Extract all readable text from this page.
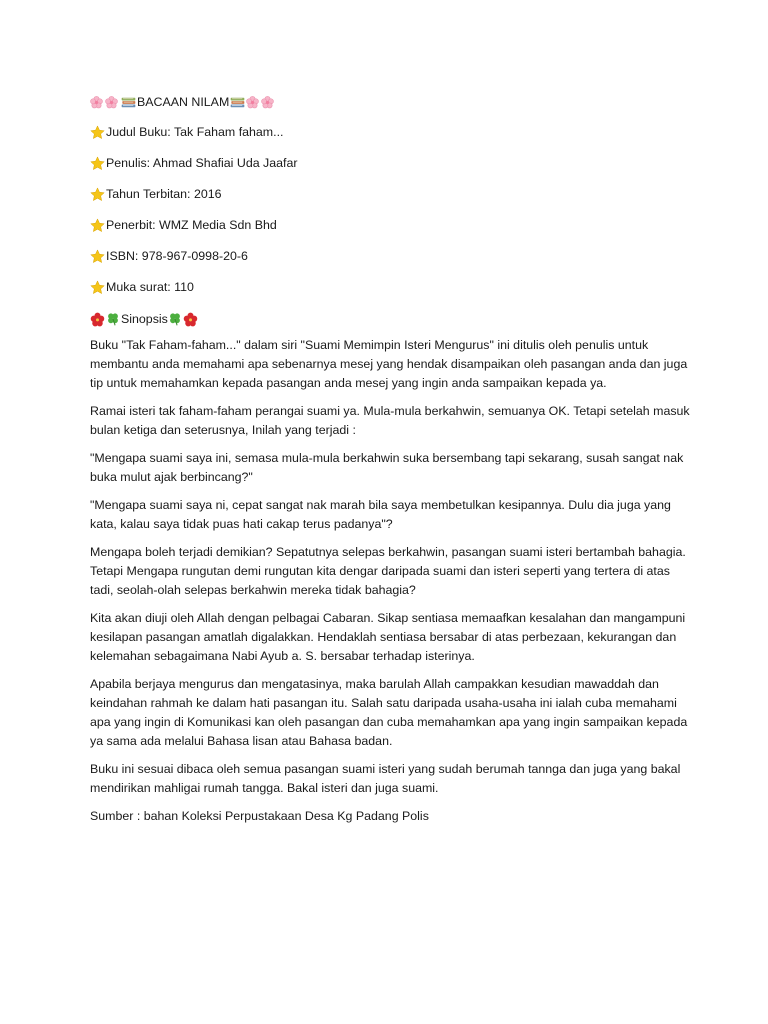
BACAAN NILAM
Judul Buku: Tak Faham faham...
Penulis: Ahmad Shafiai Uda Jaafar
Tahun Terbitan: 2016
Penerbit: WMZ Media Sdn Bhd
ISBN: 978-967-0998-20-6
Muka surat: 110
Sinopsis

Buku "Tak Faham-faham..." dalam siri "Suami Memimpin Isteri Mengurus" ini ditulis oleh penulis untuk membantu anda memahami apa sebenarnya mesej yang hendak disampaikan oleh pasangan anda dan juga tip untuk memahamkan kepada pasangan anda mesej yang ingin anda sampaikan kepada ya.

Ramai isteri tak faham-faham perangai suami ya. Mula-mula berkahwin, semuanya OK. Tetapi setelah masuk bulan ketiga dan seterusnya, Inilah yang terjadi :

"Mengapa suami saya ini, semasa mula-mula berkahwin suka bersembang tapi sekarang, susah sangat nak buka mulut ajak berbincang?"

"Mengapa suami saya ni, cepat sangat nak marah bila saya membetulkan kesipannya. Dulu dia juga yang kata, kalau saya tidak puas hati cakap terus padanya"?

Mengapa boleh terjadi demikian? Sepatutnya selepas berkahwin, pasangan suami isteri bertambah bahagia. Tetapi Mengapa rungutan demi rungutan kita dengar daripada suami dan isteri seperti yang tertera di atas tadi, seolah-olah selepas berkahwin mereka tidak bahagia?

Kita akan diuji oleh Allah dengan pelbagai Cabaran. Sikap sentiasa memaafkan kesalahan dan mangampuni kesilapan pasangan amatlah digalakkan. Hendaklah sentiasa bersabar di atas perbezaan, kekurangan dan kelemahan sebagaimana Nabi Ayub a. S. bersabar terhadap isterinya.

Apabila berjaya mengurus dan mengatasinya, maka barulah Allah campakkan kesudian mawaddah dan keindahan rahmah ke dalam hati pasangan itu. Salah satu daripada usaha-usaha ini ialah cuba memahami apa yang ingin di Komunikasi kan oleh pasangan dan cuba memahamkan apa yang ingin sampaikan kepada ya sama ada melalui Bahasa lisan atau Bahasa badan.

Buku ini sesuai dibaca oleh semua pasangan suami isteri yang sudah berumah tannga dan juga yang bakal mendirikan mahligai rumah tangga. Bakal isteri dan juga suami.

Sumber : bahan Koleksi Perpustakaan Desa Kg Padang Polis
